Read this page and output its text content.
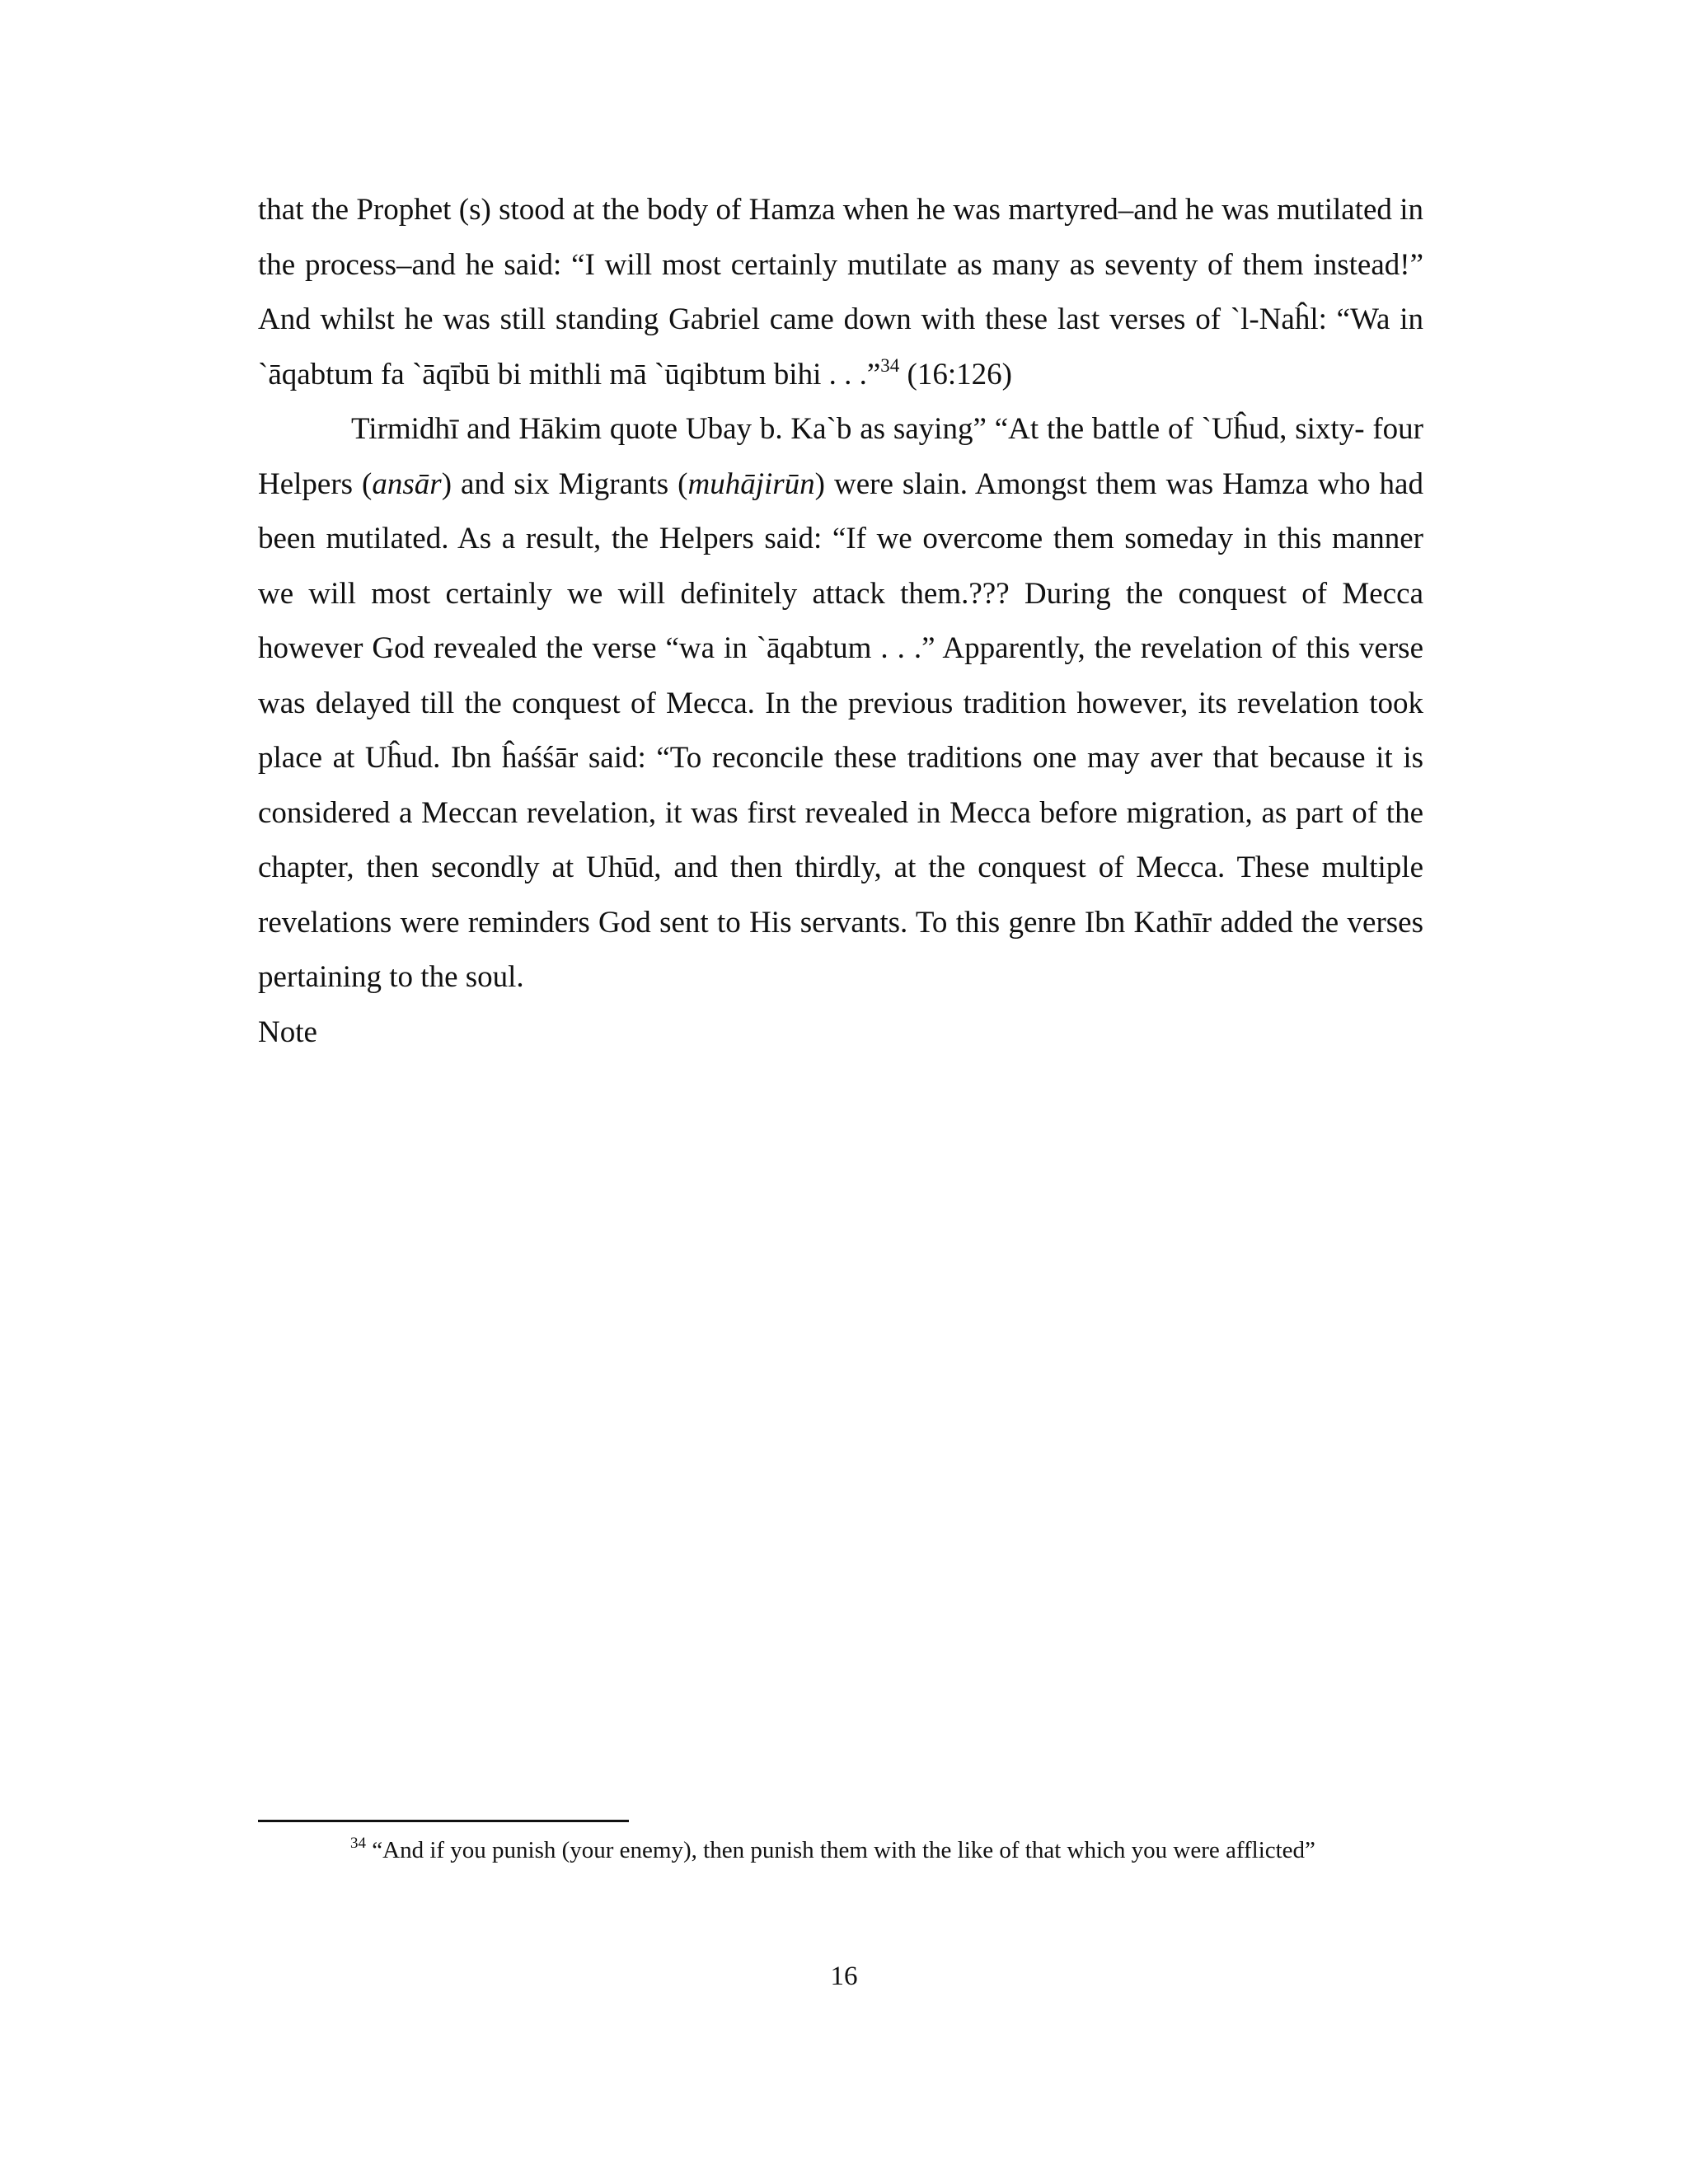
that the Prophet (s) stood at the body of Hamza when he was martyred–and he was mutilated in the process–and he said: “I will most certainly mutilate as many as seventy of them instead!” And whilst he was still standing Gabriel came down with these last verses of `l-Naĥl: “Wa in `āqabtum fa `āqībū bi mithli mā `ūqibtum bihi . . .”$^{34}$ (16:126)

Tirmidhī and Hākim quote Ubay b. Ka`b as saying” “At the battle of `Uĥud, sixty- four Helpers (ansār) and six Migrants (muhājirūn) were slain. Amongst them was Hamza who had been mutilated. As a result, the Helpers said: “If we overcome them someday in this manner we will most certainly we will definitely attack them.??? During the conquest of Mecca however God revealed the verse “wa in `āqabtum . . .” Apparently, the revelation of this verse was delayed till the conquest of Mecca. In the previous tradition however, its revelation took place at Uĥud. Ibn ĥaśśār said: “To reconcile these traditions one may aver that because it is considered a Meccan revelation, it was first revealed in Mecca before migration, as part of the chapter, then secondly at Uhūd, and then thirdly, at the conquest of Mecca. These multiple revelations were reminders God sent to His servants. To this genre Ibn Kathīr added the verses pertaining to the soul.

Note

$^{34}$ “And if you punish (your enemy), then punish them with the like of that which you were afflicted”

16
